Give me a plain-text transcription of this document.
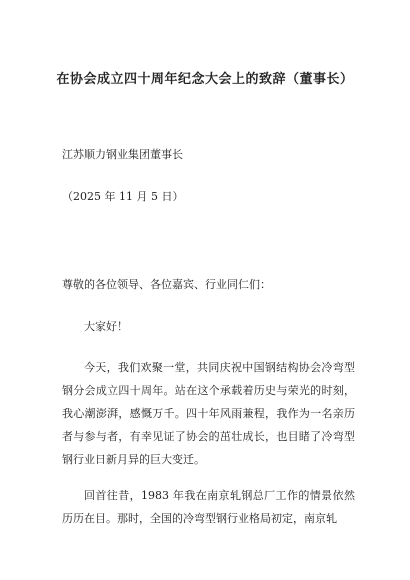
在协会成立四十周年纪念大会上的致辞（董事长）
江苏顺力钢业集团董事长
（2025 年 11 月 5 日）
尊敬的各位领导、各位嘉宾、行业同仁们：
大家好！

今天，我们欢聚一堂，共同庆祝中国钢结构协会冷弯型钢分会成立四十周年。站在这个承载着历史与荣光的时刻，我心潮澎湃，感慨万千。四十年风雨兼程，我作为一名亲历者与参与者，有幸见证了协会的茁壮成长，也目睹了冷弯型钢行业日新月异的巨大变迁。

回首往昔，1983 年我在南京轧钢总厂工作的情景依然历历在目。那时，全国的冷弯型钢行业格局初定，南京轧
